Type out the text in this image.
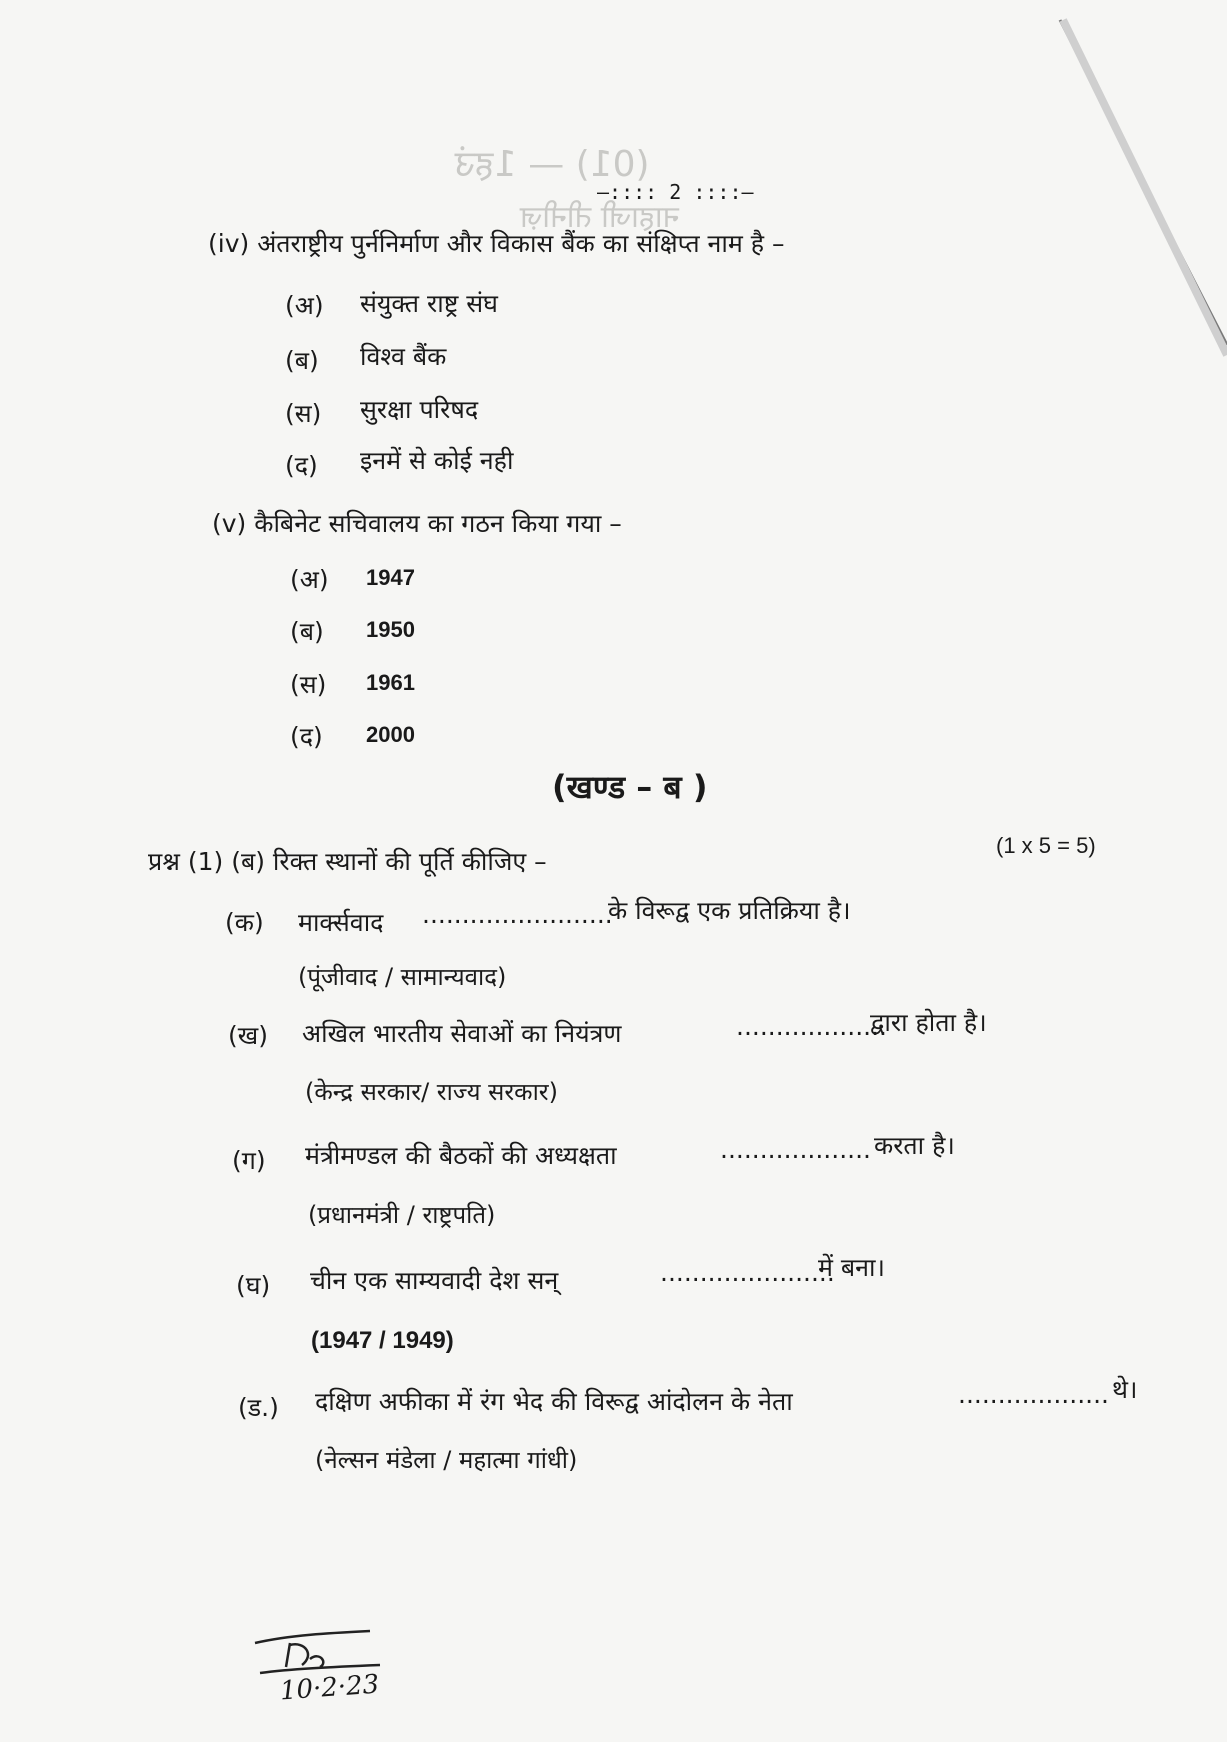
(01) — 1हउं
नाहाजी तीनीज़
—:::: 2 ::::—
(iv) अंतराष्ट्रीय पुर्ननिर्माण और विकास बैंक का संक्षिप्त नाम है –
(अ) संयुक्त राष्ट्र संघ
(ब) विश्व बैंक
(स) सुरक्षा परिषद
(द) इनमें से कोई नही
(v) कैबिनेट सचिवालय का गठन किया गया –
(अ) 1947
(ब) 1950
(स) 1961
(द) 2000
(खण्ड – ब )
प्रश्न (1) (ब) रिक्त स्थानों की पूर्ति कीजिए –
(1 x 5 = 5)
(क) मार्क्सवाद ........................
के विरूद्व एक प्रतिक्रिया है।
(पूंजीवाद / सामान्यवाद)
(ख) अखिल भारतीय सेवाओं का नियंत्रण	...................
द्वारा होता है।
(केन्द्र सरकार/ राज्य सरकार)
(ग) मंत्रीमण्डल की बैठकों की अध्यक्षता	................... करता है।
(प्रधानमंत्री / राष्ट्रपति)
(घ) चीन एक साम्यवादी देश सन्	......................
में बना।
(1947 / 1949)
(ड.) दक्षिण अफीका में रंग भेद की विरूद्व आंदोलन के नेता	................... थे।
(नेल्सन मंडेला / महात्मा गांधी)
10·2·23
